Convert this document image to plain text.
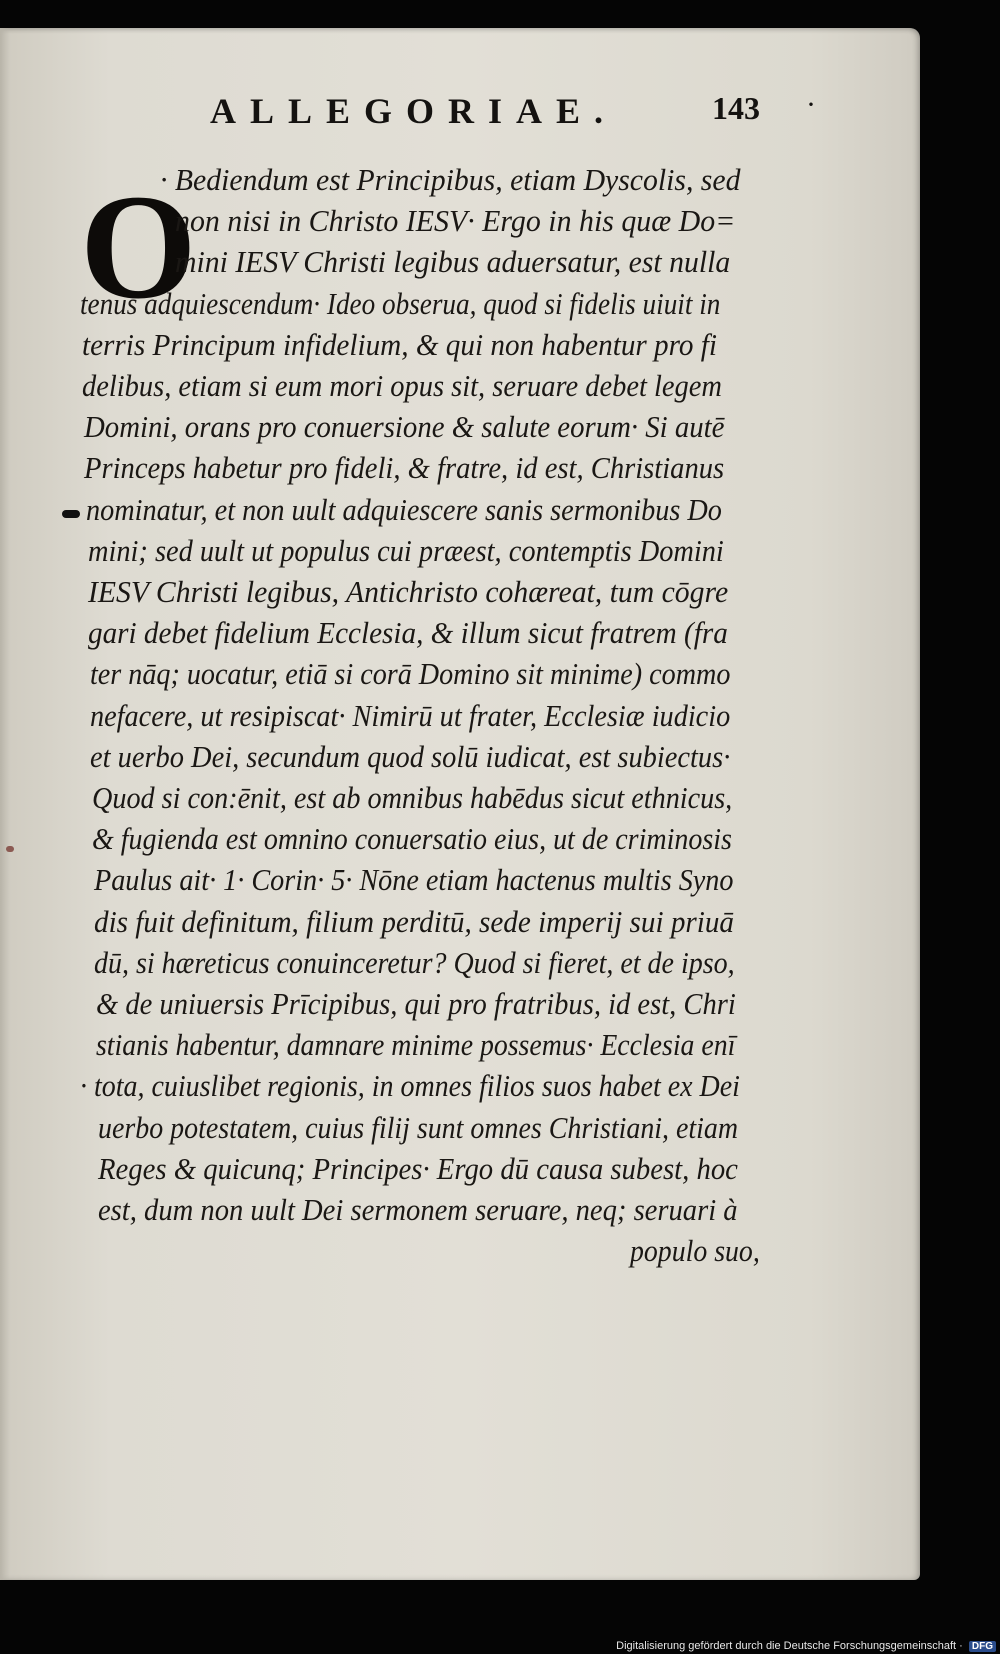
ALLEGORIAE.	143 ·
O
· Bediendum est Principibus, etiam Dyscolis, sed
non nisi in Christo IESV· Ergo in his quæ Do=
mini IESV Christi legibus aduersatur, est nulla
tenus adquiescendum· Ideo obserua, quod si fidelis uiuit in
terris Principum infidelium, & qui non habentur pro fi
delibus, etiam si eum mori opus sit, seruare debet legem
Domini, orans pro conuersione & salute eorum· Si autē
Princeps habetur pro fideli, & fratre, id est, Christianus
nominatur, et non uult adquiescere sanis sermonibus Do
mini; sed uult ut populus cui præest, contemptis Domini
IESV Christi legibus, Antichristo cohæreat, tum cōgre
gari debet fidelium Ecclesia, & illum sicut fratrem (fra
ter nāq; uocatur, etiā si corā Domino sit minime) commo
nefacere, ut resipiscat· Nimirū ut frater, Ecclesiæ iudicio
et uerbo Dei, secundum quod solū iudicat, est subiectus·
Quod si con:ēnit, est ab omnibus habēdus sicut ethnicus,
& fugienda est omnino conuersatio eius, ut de criminosis
Paulus ait· 1· Corin· 5· Nōne etiam hactenus multis Syno
dis fuit definitum, filium perditū, sede imperij sui priuā
dū, si hæreticus conuinceretur? Quod si fieret, et de ipso,
& de uniuersis Prīcipibus, qui pro fratribus, id est, Chri
stianis habentur, damnare minime possemus· Ecclesia enī
· tota, cuiuslibet regionis, in omnes filios suos habet ex Dei
uerbo potestatem, cuius filij sunt omnes Christiani, etiam
Reges & quicunq; Principes· Ergo dū causa subest, hoc
est, dum non uult Dei sermonem seruare, neq; seruari à
populo suo,
Digitalisierung gefördert durch die Deutsche Forschungsgemeinschaft · DFG
